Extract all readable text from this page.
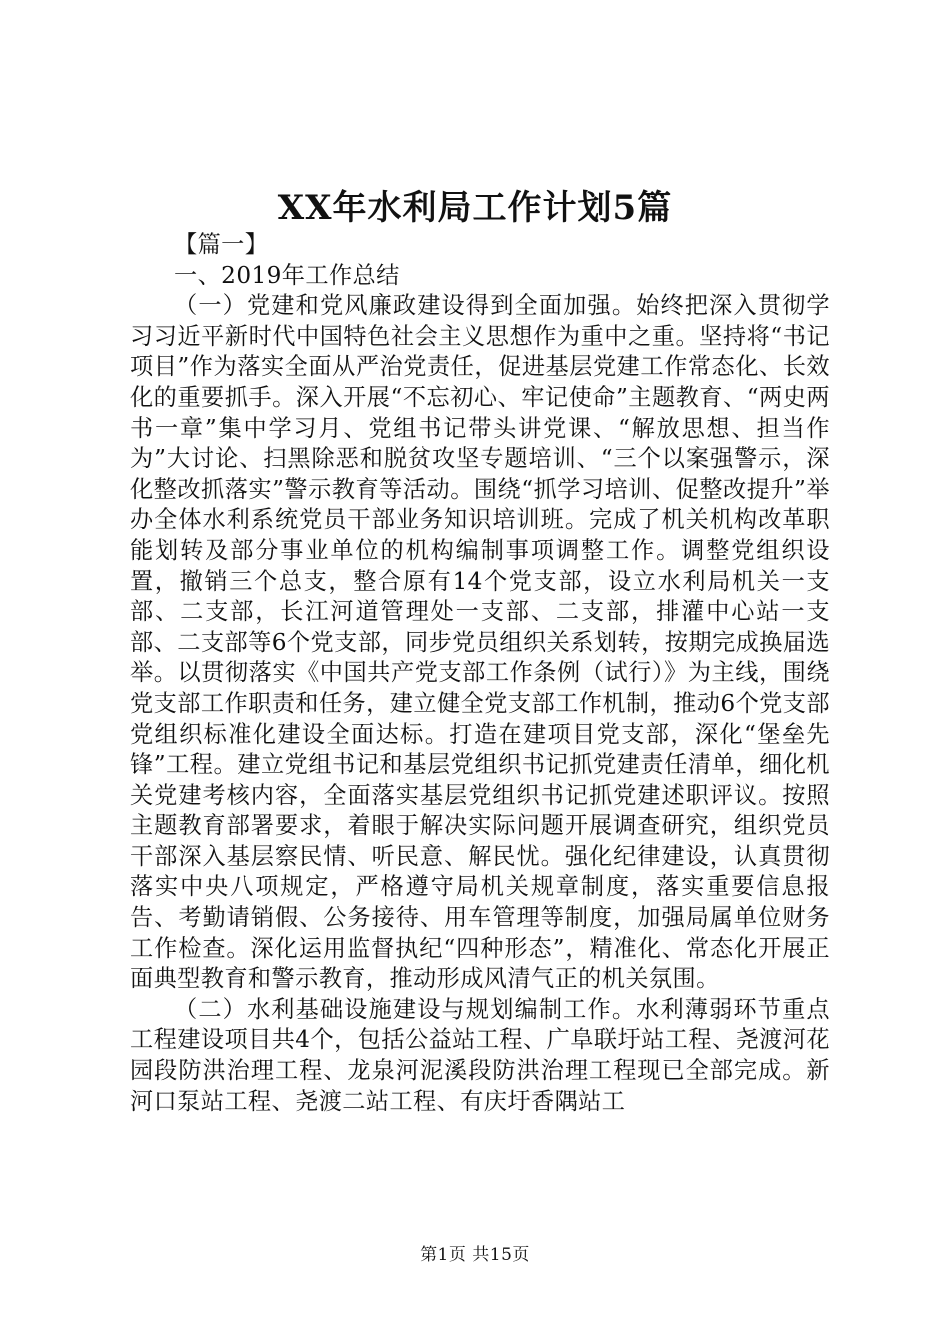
XX年水利局工作计划5篇
【篇一】
一、2019年工作总结

（一）党建和党风廉政建设得到全面加强。始终把深入贯彻学习习近平新时代中国特色社会主义思想作为重中之重。坚持将“书记项目”作为落实全面从严治党责任，促进基层党建工作常态化、长效化的重要抓手。深入开展“不忘初心、牢记使命”主题教育、“两史两书一章”集中学习月、党组书记带头讲党课、“解放思想、担当作为”大讨论、扫黑除恶和脱贫攻坚专题培训、“三个以案强警示，深化整改抓落实”警示教育等活动。围绕“抓学习培训、促整改提升”举办全体水利系统党员干部业务知识培训班。完成了机关机构改革职能划转及部分事业单位的机构编制事项调整工作。调整党组织设置，撤销三个总支，整合原有14个党支部，设立水利局机关一支部、二支部，长江河道管理处一支部、二支部，排灌中心站一支部、二支部等6个党支部，同步党员组织关系划转，按期完成换届选举。以贯彻落实《中国共产党支部工作条例（试行）》为主线，围绕党支部工作职责和任务，建立健全党支部工作机制，推动6个党支部党组织标准化建设全面达标。打造在建项目党支部，深化“堡垒先锋”工程。建立党组书记和基层党组织书记抓党建责任清单，细化机关党建考核内容，全面落实基层党组织书记抓党建述职评议。按照主题教育部署要求，着眼于解决实际问题开展调查研究，组织党员干部深入基层察民情、听民意、解民忧。强化纪律建设，认真贯彻落实中央八项规定，严格遵守局机关规章制度，落实重要信息报告、考勤请销假、公务接待、用车管理等制度，加强局属单位财务工作检查。深化运用监督执纪“四种形态”，精准化、常态化开展正面典型教育和警示教育，推动形成风清气正的机关氛围。

（二）水利基础设施建设与规划编制工作。水利薄弱环节重点工程建设项目共4个，包括公益站工程、广阜联圩站工程、尧渡河花园段防洪治理工程、龙泉河泥溪段防洪治理工程现已全部完成。新河口泵站工程、尧渡二站工程、有庆圩香隅站工

第1页 共15页
